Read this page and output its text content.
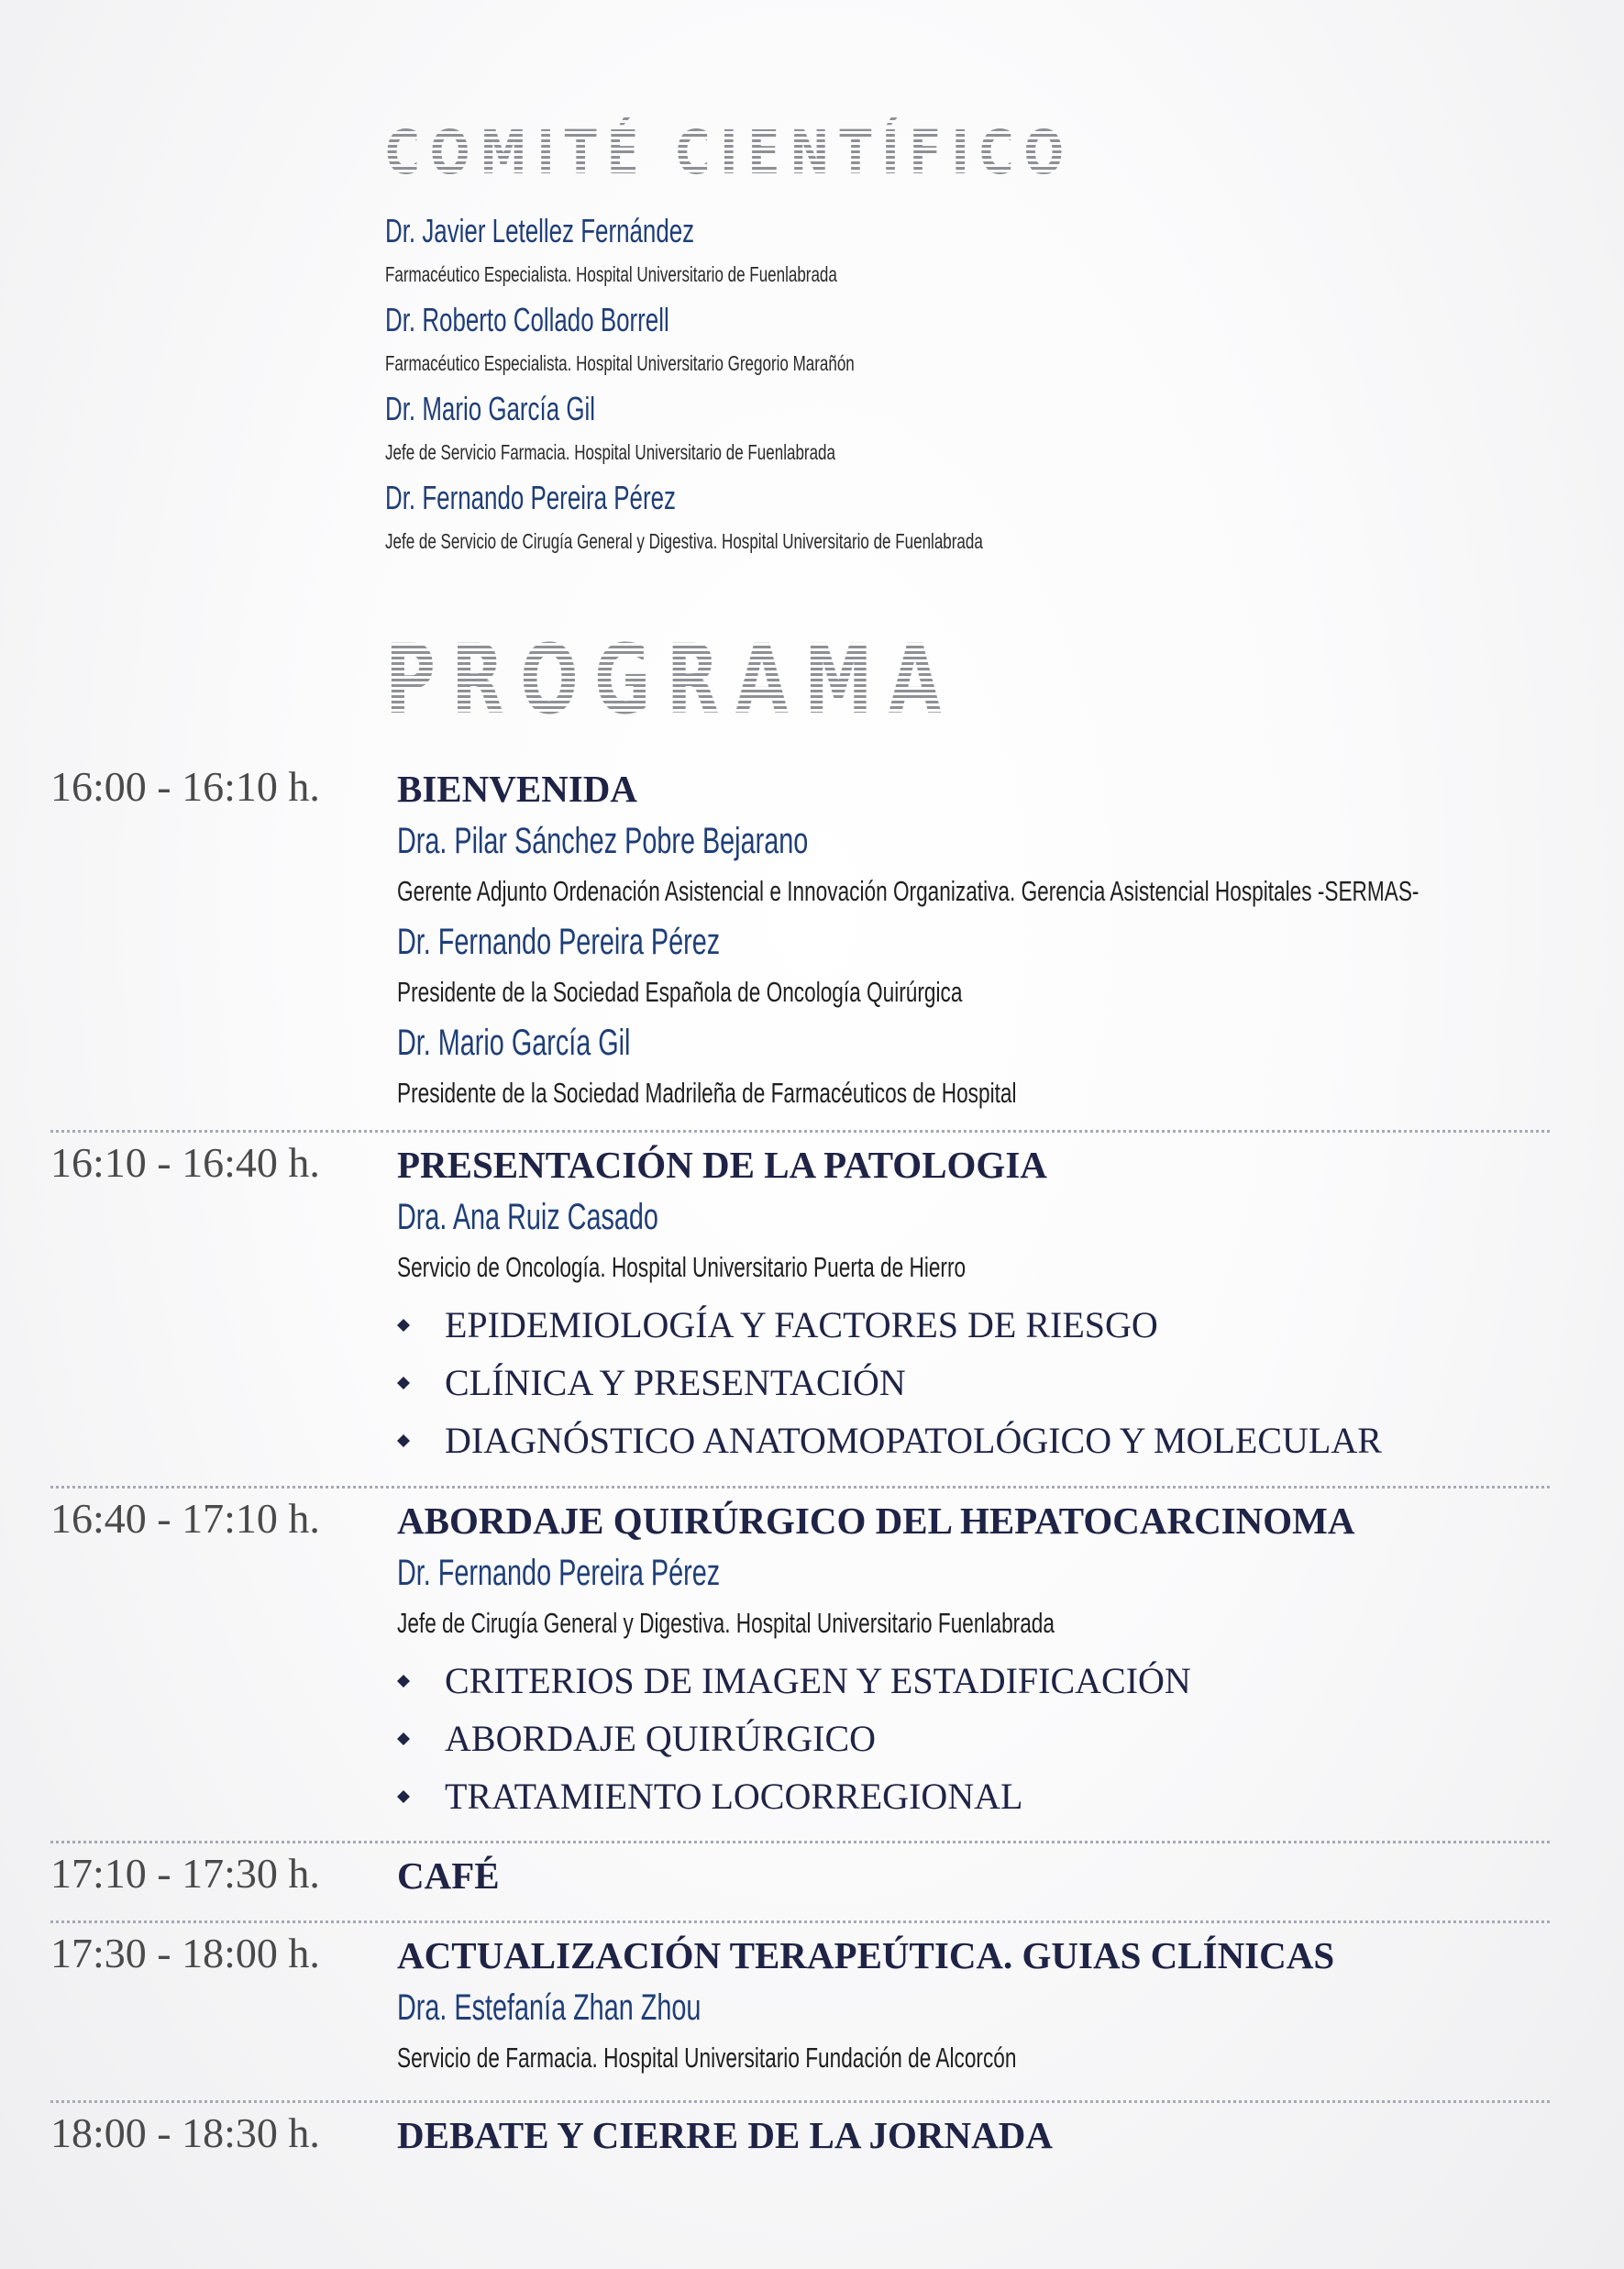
COMITÉ CIENTÍFICO
Dr. Javier Letellez Fernández
Farmacéutico Especialista. Hospital Universitario de Fuenlabrada
Dr. Roberto Collado Borrell
Farmacéutico Especialista. Hospital Universitario Gregorio Marañón
Dr. Mario García Gil
Jefe de Servicio Farmacia. Hospital Universitario de Fuenlabrada
Dr. Fernando Pereira Pérez
Jefe de Servicio de Cirugía General y Digestiva. Hospital Universitario de Fuenlabrada
PROGRAMA
16:00 - 16:10 h. BIENVENIDA
Dra. Pilar Sánchez Pobre Bejarano
Gerente Adjunto Ordenación Asistencial e Innovación Organizativa. Gerencia Asistencial Hospitales -SERMAS-
Dr. Fernando Pereira Pérez
Presidente de la Sociedad Española de Oncología Quirúrgica
Dr. Mario García Gil
Presidente de la Sociedad Madrileña de Farmacéuticos de Hospital
16:10 - 16:40 h. PRESENTACIÓN DE LA PATOLOGIA
Dra. Ana Ruiz Casado
Servicio de Oncología. Hospital Universitario Puerta de Hierro
EPIDEMIOLOGÍA Y FACTORES DE RIESGO
CLÍNICA Y PRESENTACIÓN
DIAGNÓSTICO ANATOMOPATOLÓGICO Y MOLECULAR
16:40 - 17:10 h. ABORDAJE QUIRÚRGICO DEL HEPATOCARCINOMA
Dr. Fernando Pereira Pérez
Jefe de Cirugía General y Digestiva. Hospital Universitario Fuenlabrada
CRITERIOS DE IMAGEN Y ESTADIFICACIÓN
ABORDAJE QUIRÚRGICO
TRATAMIENTO LOCORREGIONAL
17:10 - 17:30 h. CAFÉ
17:30 - 18:00 h. ACTUALIZACIÓN TERAPEÚTICA. GUIAS CLÍNICAS
Dra. Estefanía Zhan Zhou
Servicio de Farmacia. Hospital Universitario Fundación de Alcorcón
18:00 - 18:30 h. DEBATE Y CIERRE DE LA JORNADA
